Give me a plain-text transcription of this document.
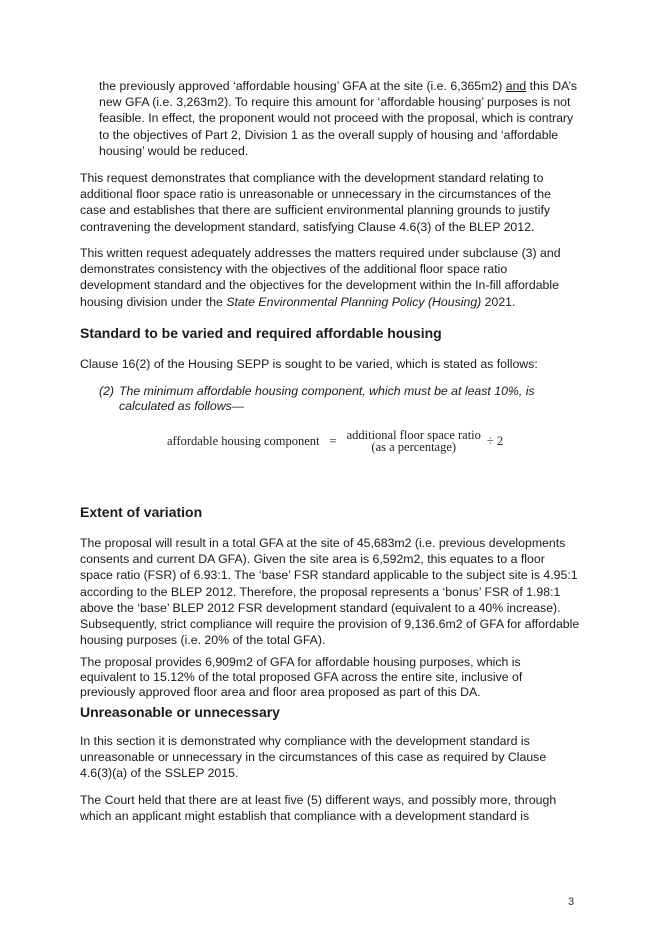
the previously approved ‘affordable housing’ GFA at the site (i.e. 6,365m2) and this DA’s new GFA (i.e. 3,263m2). To require this amount for ‘affordable housing’ purposes is not feasible. In effect, the proponent would not proceed with the proposal, which is contrary to the objectives of Part 2, Division 1 as the overall supply of housing and ‘affordable housing’ would be reduced.

This request demonstrates that compliance with the development standard relating to additional floor space ratio is unreasonable or unnecessary in the circumstances of the case and establishes that there are sufficient environmental planning grounds to justify contravening the development standard, satisfying Clause 4.6(3) of the BLEP 2012.

This written request adequately addresses the matters required under subclause (3) and demonstrates consistency with the objectives of the additional floor space ratio development standard and the objectives for the development within the In-fill affordable housing division under the State Environmental Planning Policy (Housing) 2021.

Standard to be varied and required affordable housing

Clause 16(2) of the Housing SEPP is sought to be varied, which is stated as follows:

(2) The minimum affordable housing component, which must be at least 10%, is calculated as follows—
affordable housing component = additional floor space ratio
(as a percentage) ÷ 2
Extent of variation

The proposal will result in a total GFA at the site of 45,683m2 (i.e. previous developments consents and current DA GFA). Given the site area is 6,592m2, this equates to a floor space ratio (FSR) of 6.93:1. The ‘base’ FSR standard applicable to the subject site is 4.95:1 according to the BLEP 2012. Therefore, the proposal represents a ‘bonus’ FSR of 1.98:1 above the ‘base’ BLEP 2012 FSR development standard (equivalent to a 40% increase). Subsequently, strict compliance will require the provision of 9,136.6m2 of GFA for affordable housing purposes (i.e. 20% of the total GFA).

The proposal provides 6,909m2 of GFA for affordable housing purposes, which is equivalent to 15.12% of the total proposed GFA across the entire site, inclusive of previously approved floor area and floor area proposed as part of this DA.

Unreasonable or unnecessary

In this section it is demonstrated why compliance with the development standard is unreasonable or unnecessary in the circumstances of this case as required by Clause 4.6(3)(a) of the SSLEP 2015.

The Court held that there are at least five (5) different ways, and possibly more, through which an applicant might establish that compliance with a development standard is

3
